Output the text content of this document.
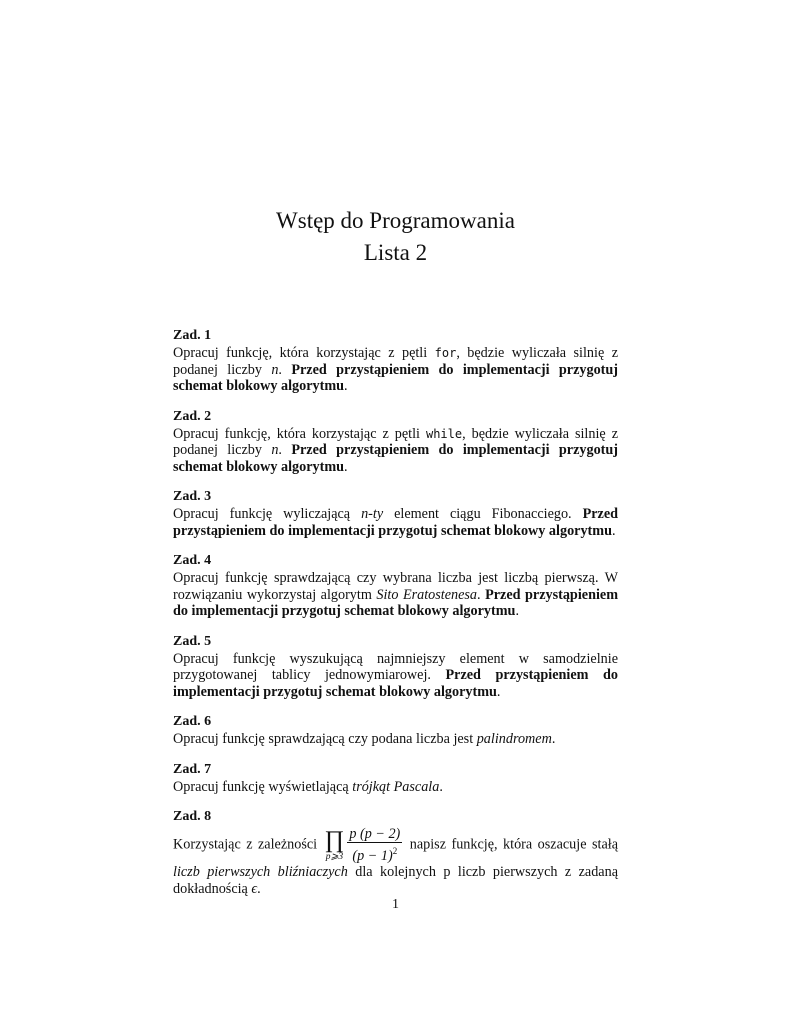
Wstęp do Programowania
Lista 2

Zad. 1

Opracuj funkcję, która korzystając z pętli for, będzie wyliczała silnię z podanej liczby n. Przed przystąpieniem do implementacji przygotuj schemat blokowy algorytmu.

Zad. 2

Opracuj funkcję, która korzystając z pętli while, będzie wyliczała silnię z podanej liczby n. Przed przystąpieniem do implementacji przygotuj schemat blokowy algorytmu.

Zad. 3

Opracuj funkcję wyliczającą n-ty element ciągu Fibonacciego. Przed przystąpieniem do implementacji przygotuj schemat blokowy algorytmu.

Zad. 4

Opracuj funkcję sprawdzającą czy wybrana liczba jest liczbą pierwszą. W rozwiązaniu wykorzystaj algorytm Sito Eratostenesa. Przed przystąpieniem do implementacji przygotuj schemat blokowy algorytmu.

Zad. 5

Opracuj funkcję wyszukującą najmniejszy element w samodzielnie przygotowanej tablicy jednowymiarowej. Przed przystąpieniem do implementacji przygotuj schemat blokowy algorytmu.

Zad. 6

Opracuj funkcję sprawdzającą czy podana liczba jest palindromem.

Zad. 7

Opracuj funkcję wyświetlającą trójkąt Pascala.

Zad. 8

Korzystając z zależności ∏
p⩾3 $\frac{p (p - 2)}{(p - 1)^2}$ napisz funkcję, która oszacuje stałą liczb pierwszych bliźniaczych dla kolejnych p liczb pierwszych z zadaną dokładnością ϵ.

1
